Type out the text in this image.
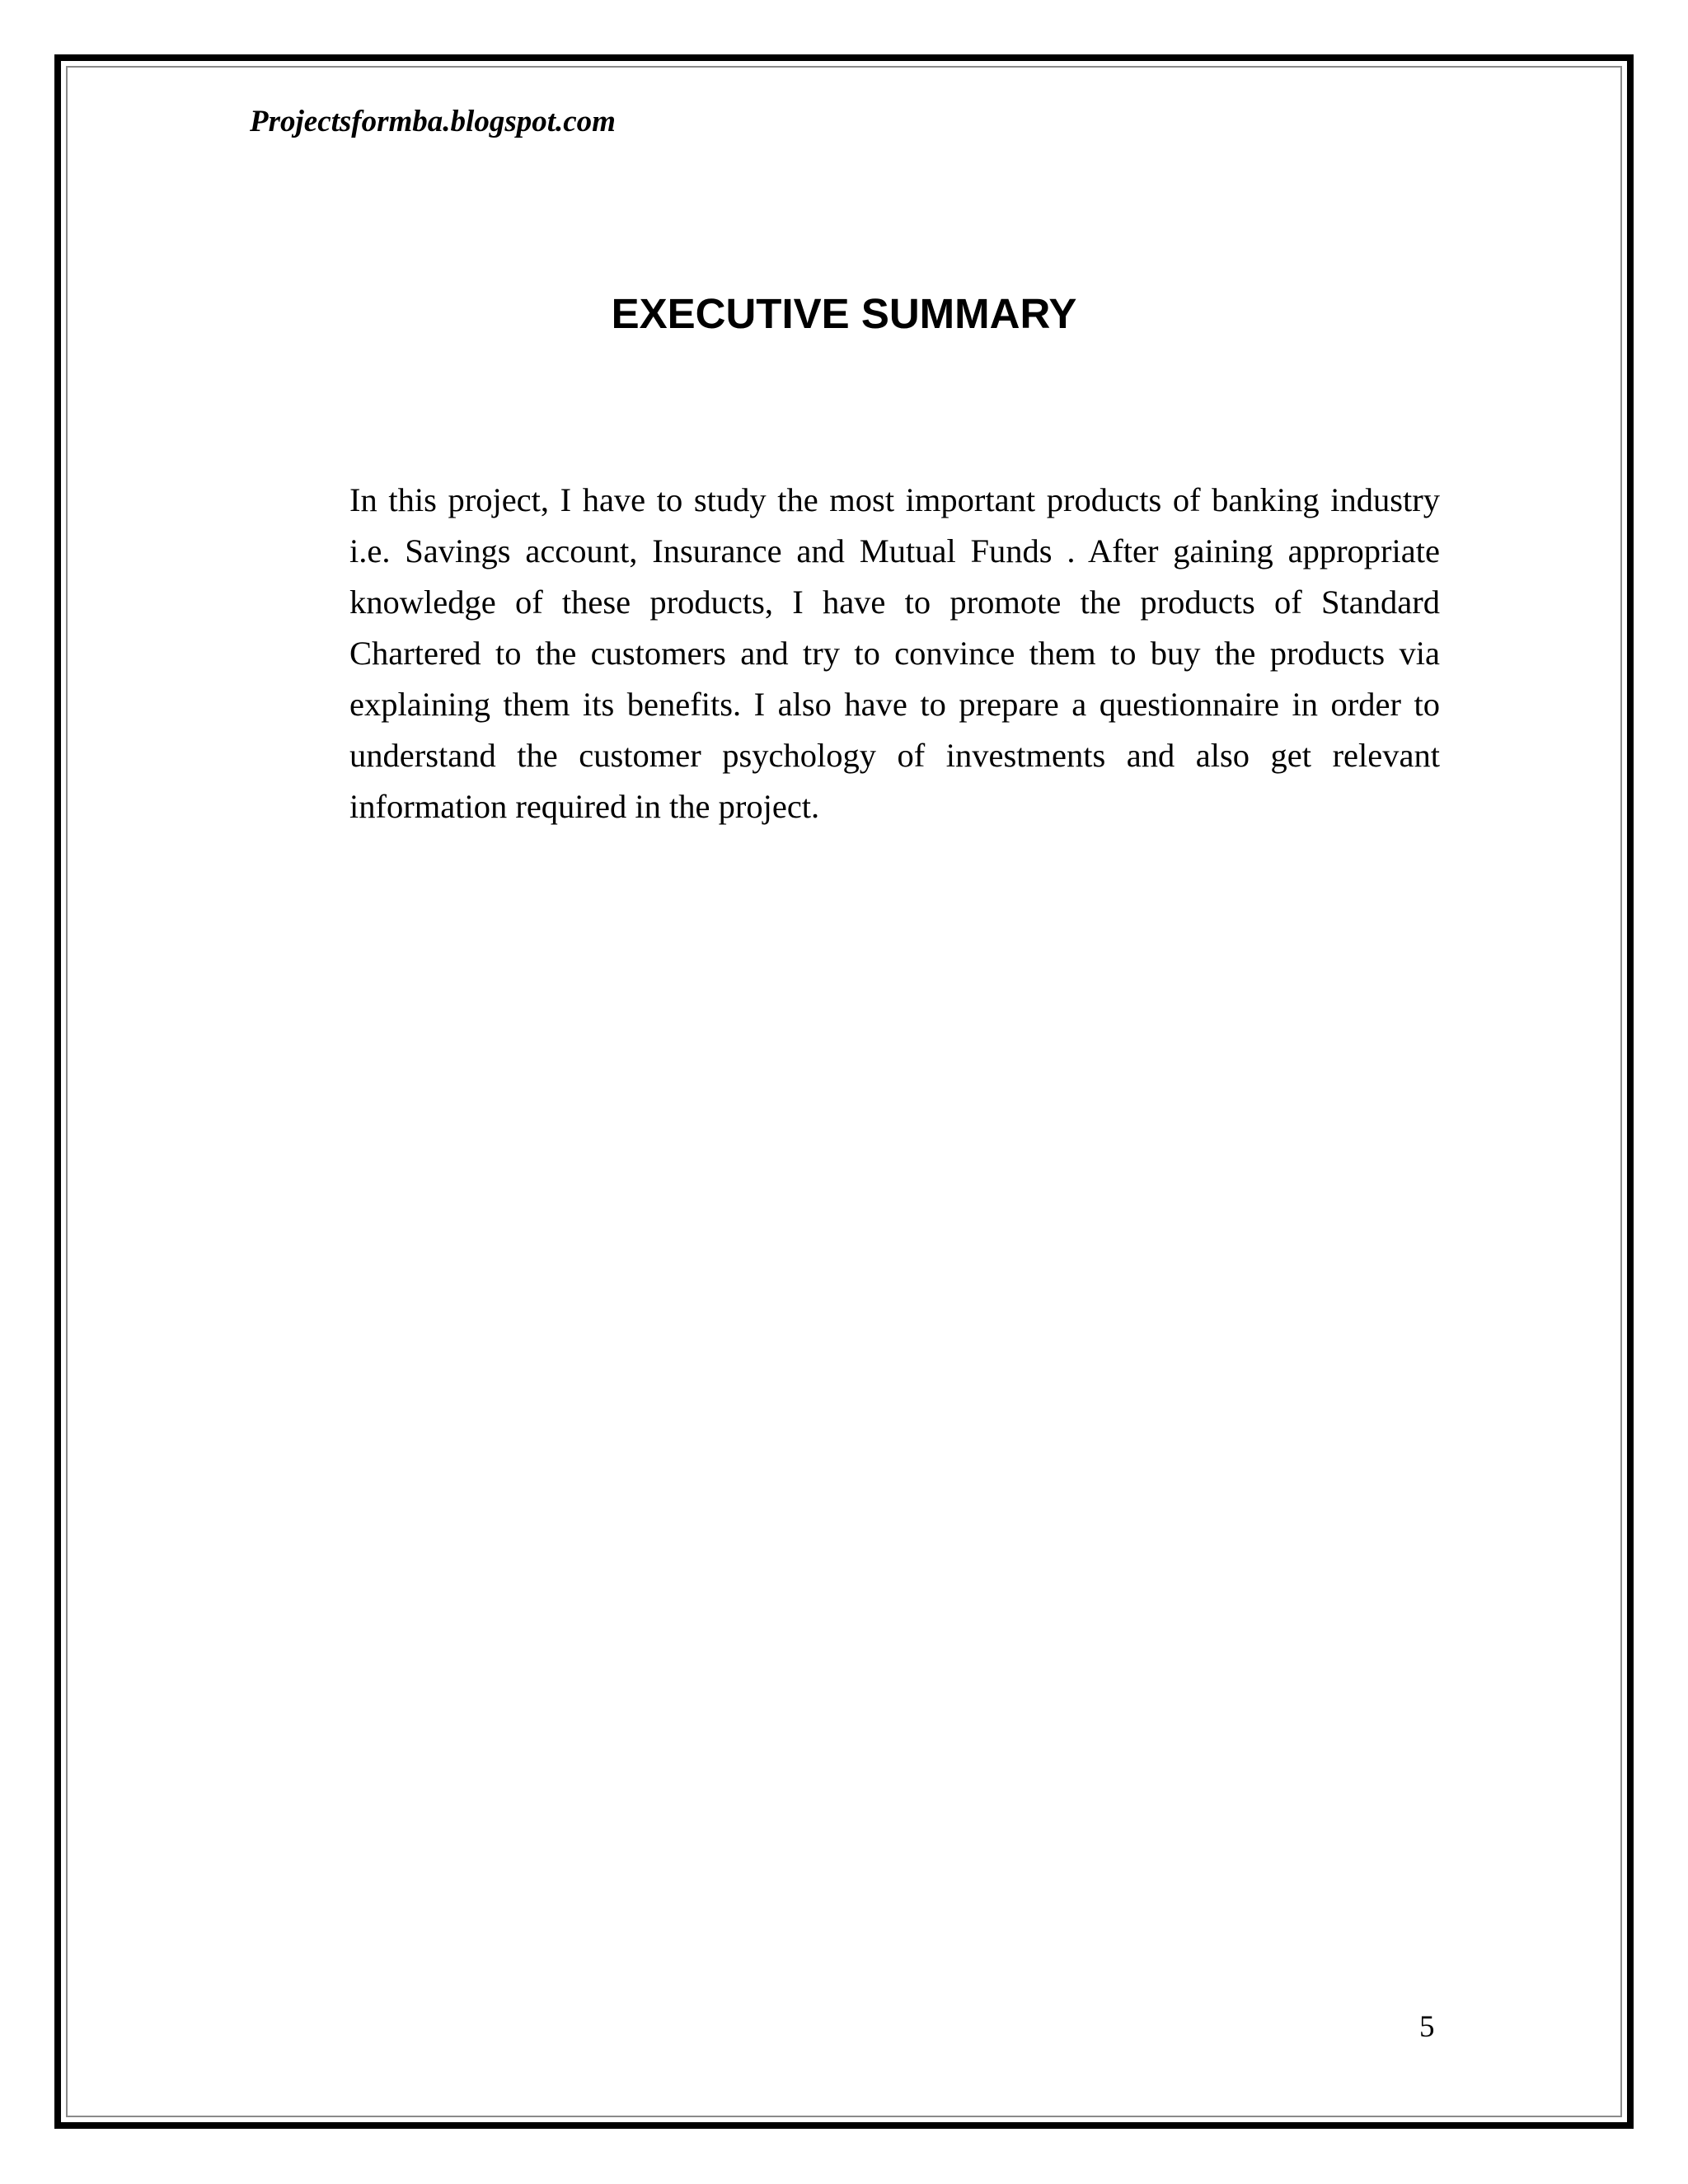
Projectsformba.blogspot.com
EXECUTIVE SUMMARY

In this project, I have to study the most important products of banking industry i.e. Savings account, Insurance and Mutual Funds . After gaining appropriate knowledge of these products, I have to promote the products of Standard Chartered to the customers and try to convince them to buy the products via explaining them its benefits. I also have to prepare a questionnaire in order to understand the customer psychology of investments and also get relevant information required in the project.

5
